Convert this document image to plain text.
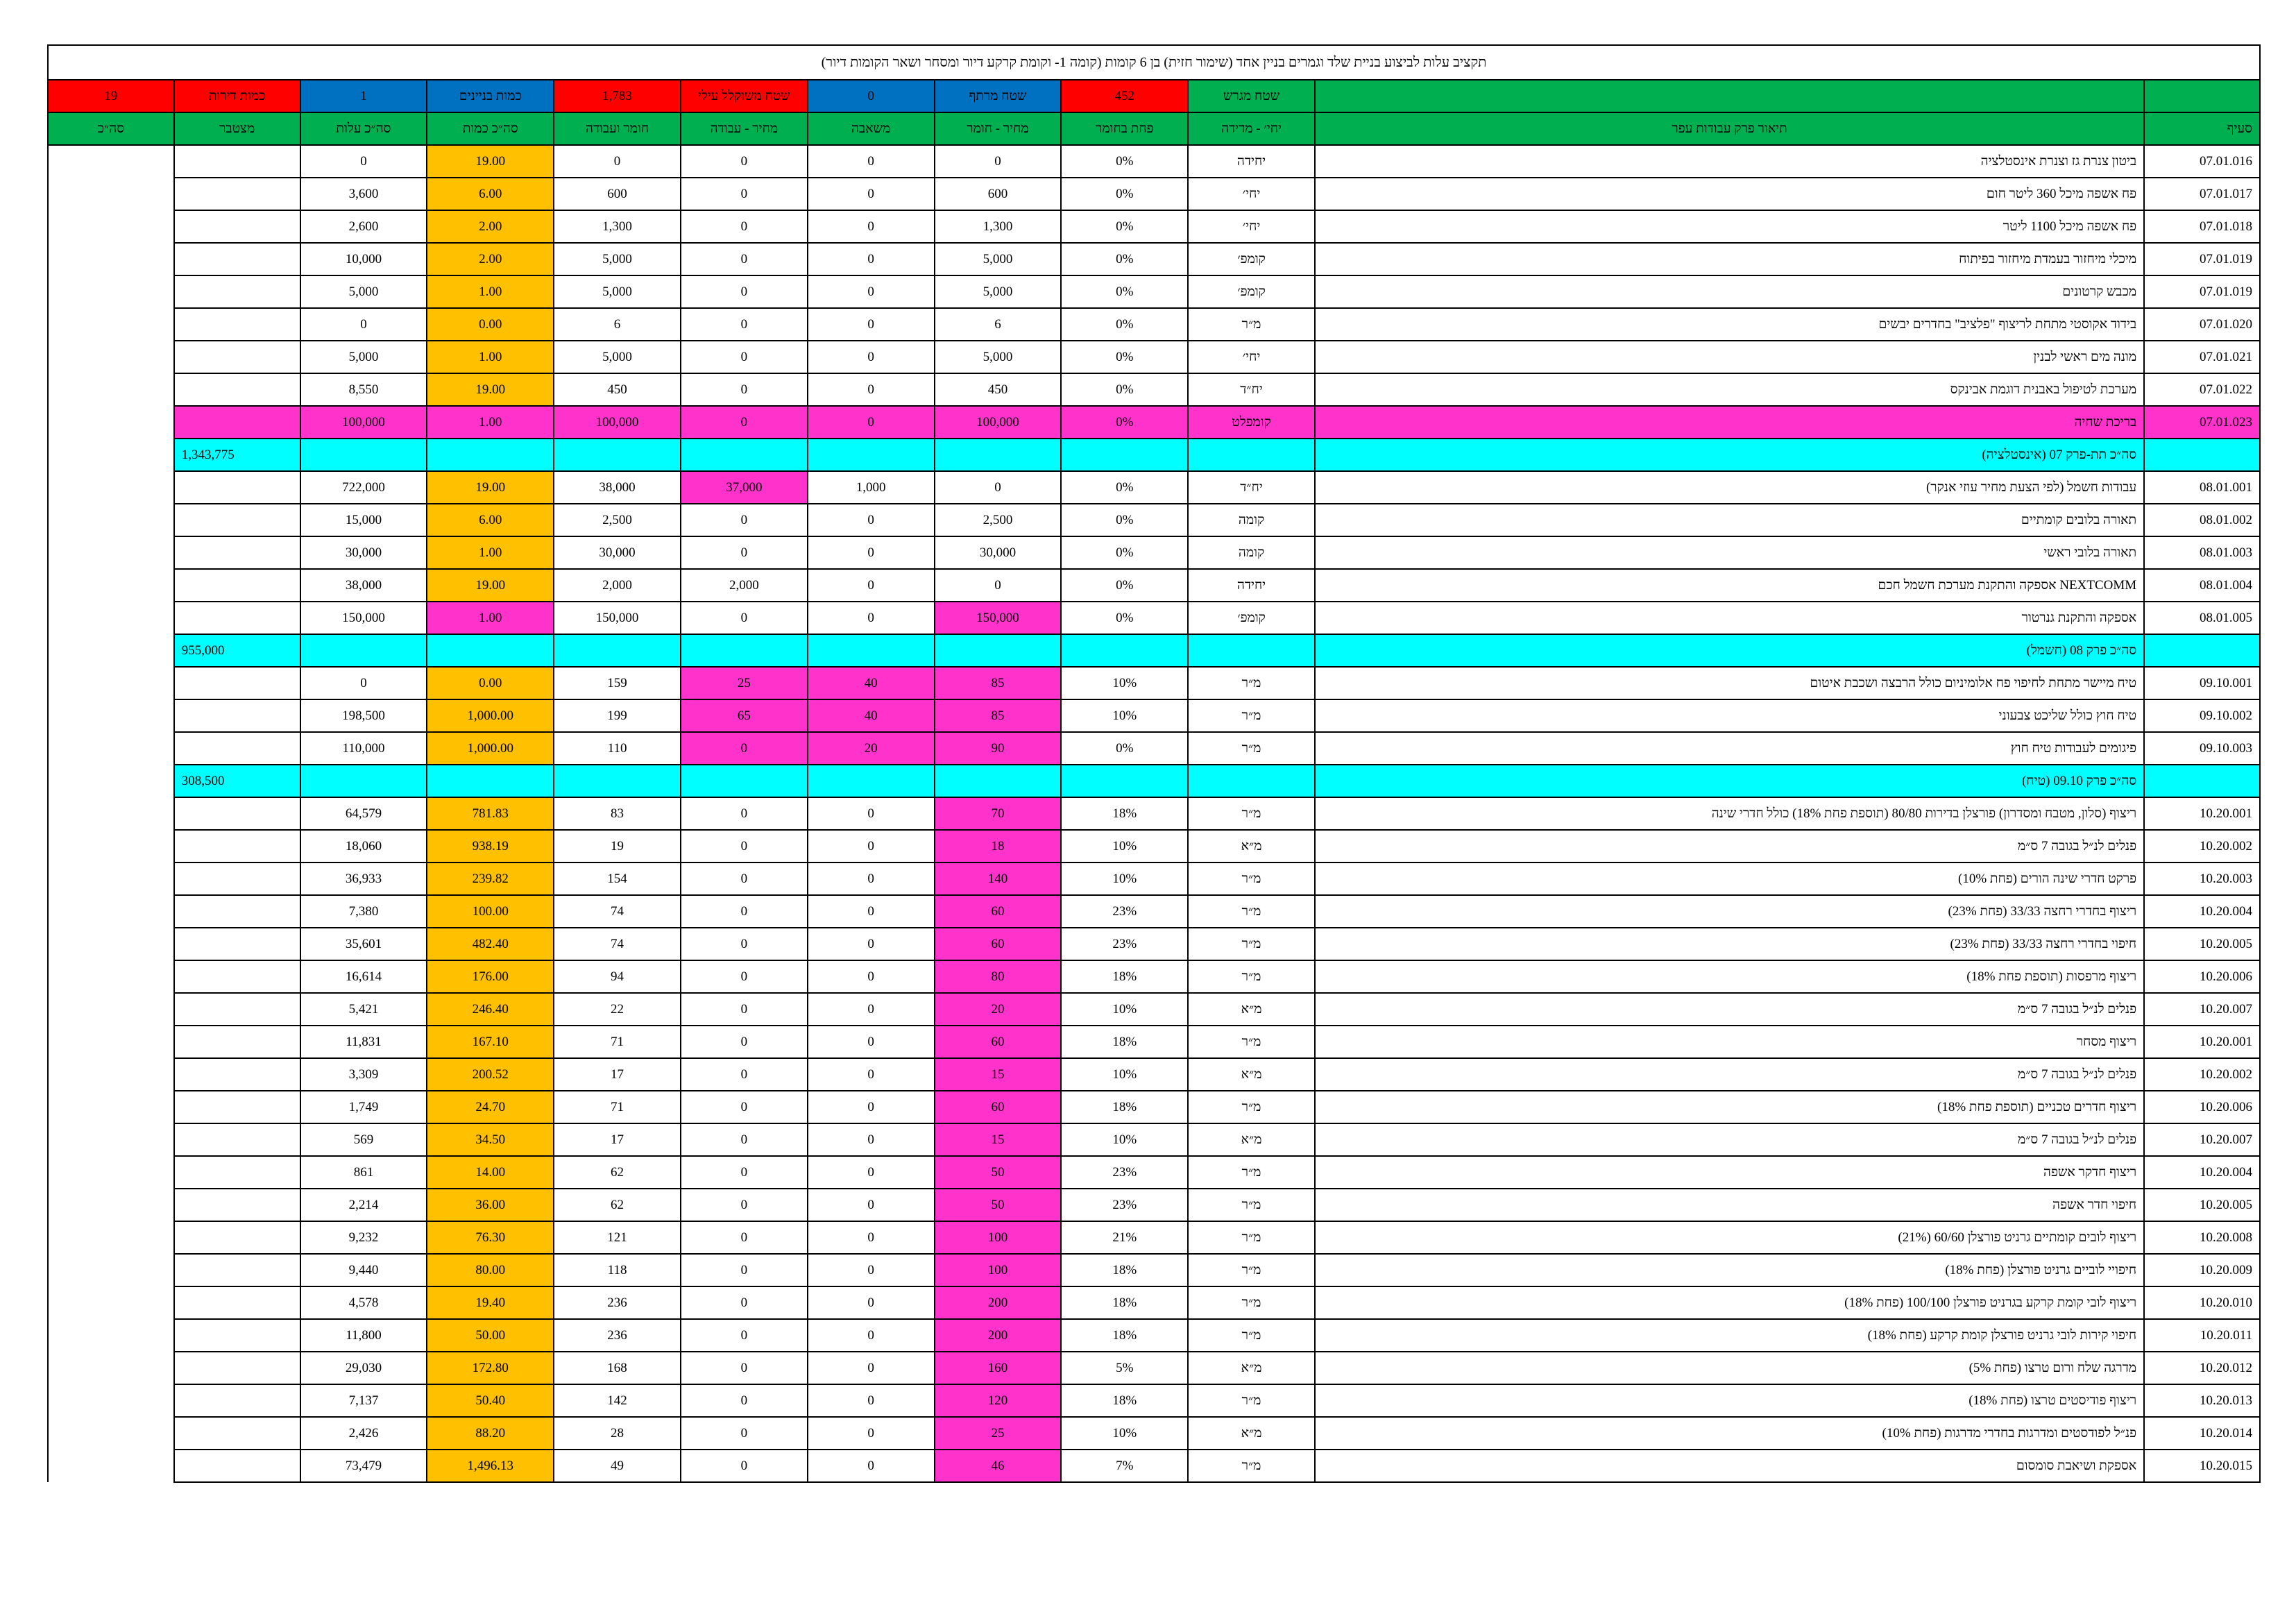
תקציב עלות לביצוע בניית שלד וגמרים בניין אחד (שימור חזית) בן 6 קומות (קומה 1- וקומת קרקע דיור ומסחר ושאר הקומות דיור)											
19	כמות דירות	1	כמות בניינים	1,783	שטח משוקלל עילי	0	שטח מרתף	452	שטח מגרש		
סה״כ	מצטבר	סה״כ עלות	סה״כ כמות	חומר ועבודה	מחיר - עבודה	משאבה	מחיר - חומר	פחת בחומר	יחי׳ - מדידה	תיאור פרק עבודות עפר	סעיף
		0	19.00	0	0	0	0	0%	יחידה	ביטון צנרת גז וצנרת אינסטלציה	07.01.016
		3,600	6.00	600	0	0	600	0%	יחי׳	פח אשפה מיכל 360 ליטר חום	07.01.017
		2,600	2.00	1,300	0	0	1,300	0%	יחי׳	פח אשפה מיכל 1100 ליטר	07.01.018
		10,000	2.00	5,000	0	0	5,000	0%	קומפ׳	מיכלי מיחזור בעמדת מיחזור בפיתוח	07.01.019
		5,000	1.00	5,000	0	0	5,000	0%	קומפ׳	מכבש קרטונים	07.01.019
		0	0.00	6	0	0	6	0%	מ״ר	בידוד אקוסטי מתחת לריצוף "פלציב" בחדרים יבשים	07.01.020
		5,000	1.00	5,000	0	0	5,000	0%	יחי׳	מונה מים ראשי לבנין	07.01.021
		8,550	19.00	450	0	0	450	0%	יח״ד	מערכת לטיפול באבנית דוגמת אבינקס	07.01.022
		100,000	1.00	100,000	0	0	100,000	0%	קומפלט	בריכת שחיה	07.01.023
	1,343,775									סה״כ תת-פרק 07 (אינסטלציה)	
		722,000	19.00	38,000	37,000	1,000	0	0%	יח״ד	עבודות חשמל (לפי הצעת מחיר עוזי אנקר)	08.01.001
		15,000	6.00	2,500	0	0	2,500	0%	קומה	תאורה בלובים קומתיים	08.01.002
		30,000	1.00	30,000	0	0	30,000	0%	קומה	תאורה בלובי ראשי	08.01.003
		38,000	19.00	2,000	2,000	0	0	0%	יחידה	אספקה והתקנת מערכת חשמל חכם NEXTCOMM	08.01.004
		150,000	1.00	150,000	0	0	150,000	0%	קומפ׳	אספקה והתקנת גנרטור	08.01.005
	955,000									סה״כ פרק 08 (חשמל)	
		0	0.00	159	25	40	85	10%	מ״ר	טיח מיישר מתחת לחיפוי פח אלומיניום כולל הרבצה ושכבת איטום	09.10.001
		198,500	1,000.00	199	65	40	85	10%	מ״ר	טיח חוץ כולל שליכט צבעוני	09.10.002
		110,000	1,000.00	110	0	20	90	0%	מ״ר	פיגומים לעבודות טיח חוץ	09.10.003
	308,500									סה״כ פרק 09.10 (טיח)	
		64,579	781.83	83	0	0	70	18%	מ״ר	ריצוף (סלון, מטבח ומסדרון) פורצלן בדירות 80/80 (תוספת פחת 18%) כולל חדרי שינה	10.20.001
		18,060	938.19	19	0	0	18	10%	מ״א	פנלים לנ״ל בגובה 7 ס״מ	10.20.002
		36,933	239.82	154	0	0	140	10%	מ״ר	פרקט חדרי שינה הורים (פחת 10%)	10.20.003
		7,380	100.00	74	0	0	60	23%	מ״ר	ריצוף בחדרי רחצה 33/33 (פחת 23%)	10.20.004
		35,601	482.40	74	0	0	60	23%	מ״ר	חיפוי בחדרי רחצה 33/33 (פחת 23%)	10.20.005
		16,614	176.00	94	0	0	80	18%	מ״ר	ריצוף מרפסות (תוספת פחת 18%)	10.20.006
		5,421	246.40	22	0	0	20	10%	מ״א	פנלים לנ״ל בגובה 7 ס״מ	10.20.007
		11,831	167.10	71	0	0	60	18%	מ״ר	ריצוף מסחר	10.20.001
		3,309	200.52	17	0	0	15	10%	מ״א	פנלים לנ״ל בגובה 7 ס״מ	10.20.002
		1,749	24.70	71	0	0	60	18%	מ״ר	ריצוף חדרים טכניים (תוספת פחת 18%)	10.20.006
		569	34.50	17	0	0	15	10%	מ״א	פנלים לנ״ל בגובה 7 ס״מ	10.20.007
		861	14.00	62	0	0	50	23%	מ״ר	ריצוף חדקר אשפה	10.20.004
		2,214	36.00	62	0	0	50	23%	מ״ר	חיפוי חדר אשפה	10.20.005
		9,232	76.30	121	0	0	100	21%	מ״ר	ריצוף לובים קומתיים גרניט פורצלן 60/60 (21%)	10.20.008
		9,440	80.00	118	0	0	100	18%	מ״ר	חיפויי לוביים גרניט פורצלן (פחת 18%)	10.20.009
		4,578	19.40	236	0	0	200	18%	מ״ר	ריצוף לובי קומת קרקע בגרניט פורצלן 100/100 (פחת 18%)	10.20.010
		11,800	50.00	236	0	0	200	18%	מ״ר	חיפוי קירות לובי גרניט פורצלן קומת קרקע (פחת 18%)	10.20.011
		29,030	172.80	168	0	0	160	5%	מ״א	מדרגה שלח ורום טרצו (פחת 5%)	10.20.012
		7,137	50.40	142	0	0	120	18%	מ״ר	ריצוף פודיסטים טרצו (פחת 18%)	10.20.013
		2,426	88.20	28	0	0	25	10%	מ״א	פנ״ל לפודסטים ומדרגות בחדרי מדרגות (פחת 10%)	10.20.014
		73,479	1,496.13	49	0	0	46	7%	מ״ר	אספקת ושיאבת סומסום	10.20.015
